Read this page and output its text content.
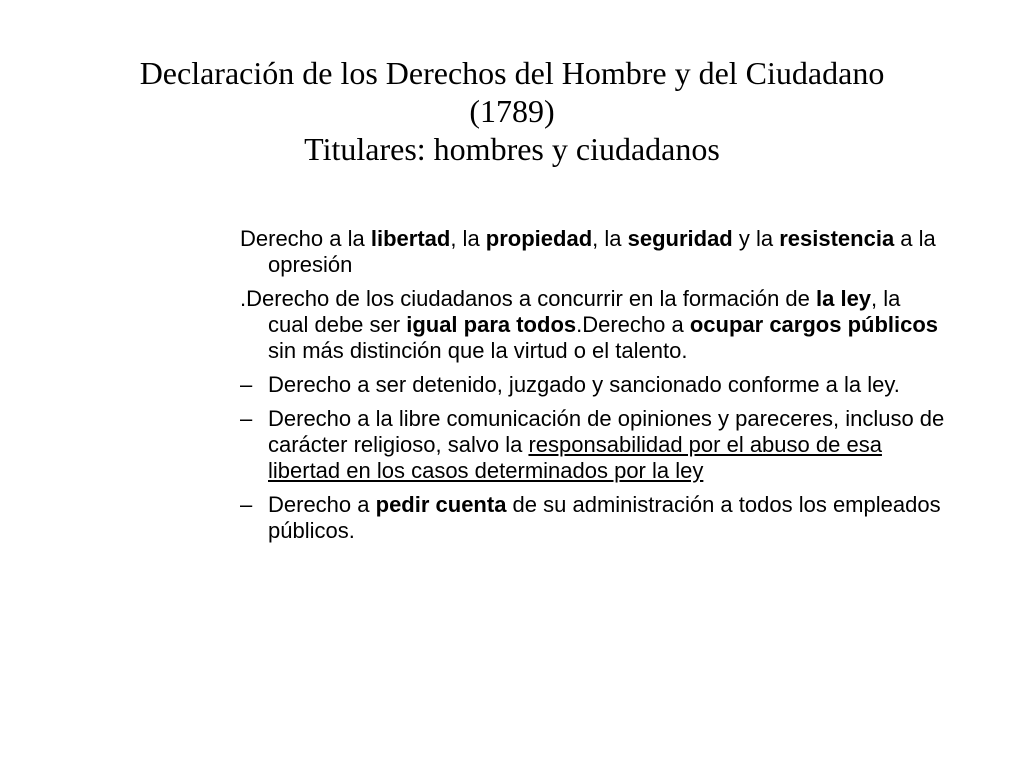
Declaración de los Derechos del Hombre y del Ciudadano
(1789)
Titulares: hombres y ciudadanos
Derecho a la libertad, la propiedad, la seguridad y la resistencia a la opresión
.Derecho de los ciudadanos a concurrir en la formación de la ley, la cual debe ser igual para todos.Derecho a ocupar cargos públicos sin más distinción que la virtud o el talento.
– Derecho a ser detenido, juzgado y sancionado conforme a la ley.
– Derecho a la libre comunicación de opiniones y pareceres, incluso de carácter religioso, salvo la responsabilidad por el abuso de esa libertad en los casos determinados por la ley
– Derecho a pedir cuenta de su administración a todos los empleados públicos.
